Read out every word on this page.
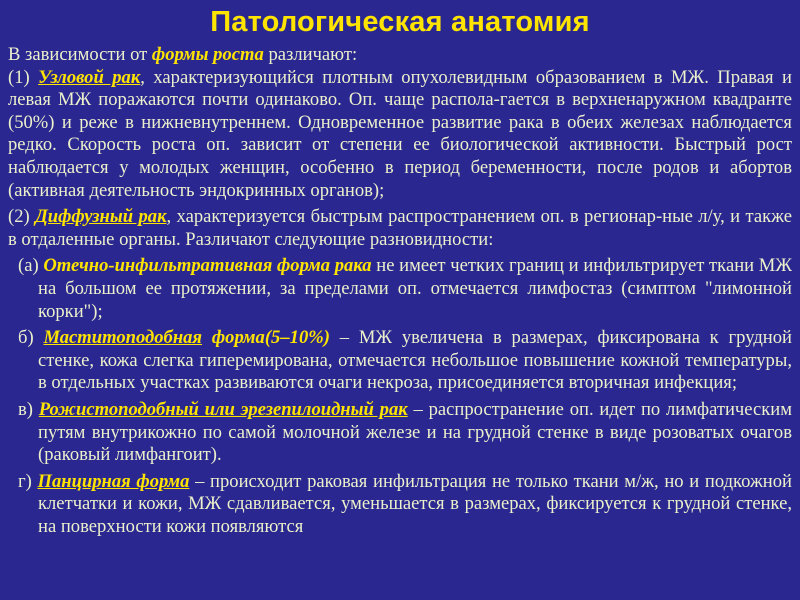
Патологическая анатомия

В зависимости от формы роста различают:

(1) Узловой рак, характеризующийся плотным опухолевидным образованием в МЖ. Правая и левая МЖ поражаются почти одинаково. Оп. чаще распола-гается в верхненаружном квадранте (50%) и реже в нижневнутреннем. Одновременное развитие рака в обеих железах наблюдается редко. Скорость роста оп. зависит от степени ее биологической активности. Быстрый рост наблюдается у молодых женщин, особенно в период беременности, после родов и абортов (активная деятельность эндокринных органов);

(2) Диффузный рак, характеризуется быстрым распространением оп. в регионар-ные л/у, и также в отдаленные органы. Различают следующие разновидности:

(а) Отечно-инфильтративная форма рака не имеет четких границ и инфильтрирует ткани МЖ на большом ее протяжении, за пределами оп. отмечается лимфостаз (симптом "лимонной корки");

б) Маститоподобная форма(5–10%) – МЖ увеличена в размерах, фиксирована к грудной стенке, кожа слегка гиперемирована, отмечается небольшое повышение кожной температуры, в отдельных участках развиваются очаги некроза, присоединяется вторичная инфекция;

в) Рожистоподобный или эрезепилоидный рак – распространение оп. идет по лимфатическим путям внутрикожно по самой молочной железе и на грудной стенке в виде розоватых очагов (раковый лимфангоит).

г) Панцирная форма – происходит раковая инфильтрация не только ткани м/ж, но и подкожной клетчатки и кожи, МЖ сдавливается, уменьшается в размерах, фиксируется к грудной стенке, на поверхности кожи появляются
